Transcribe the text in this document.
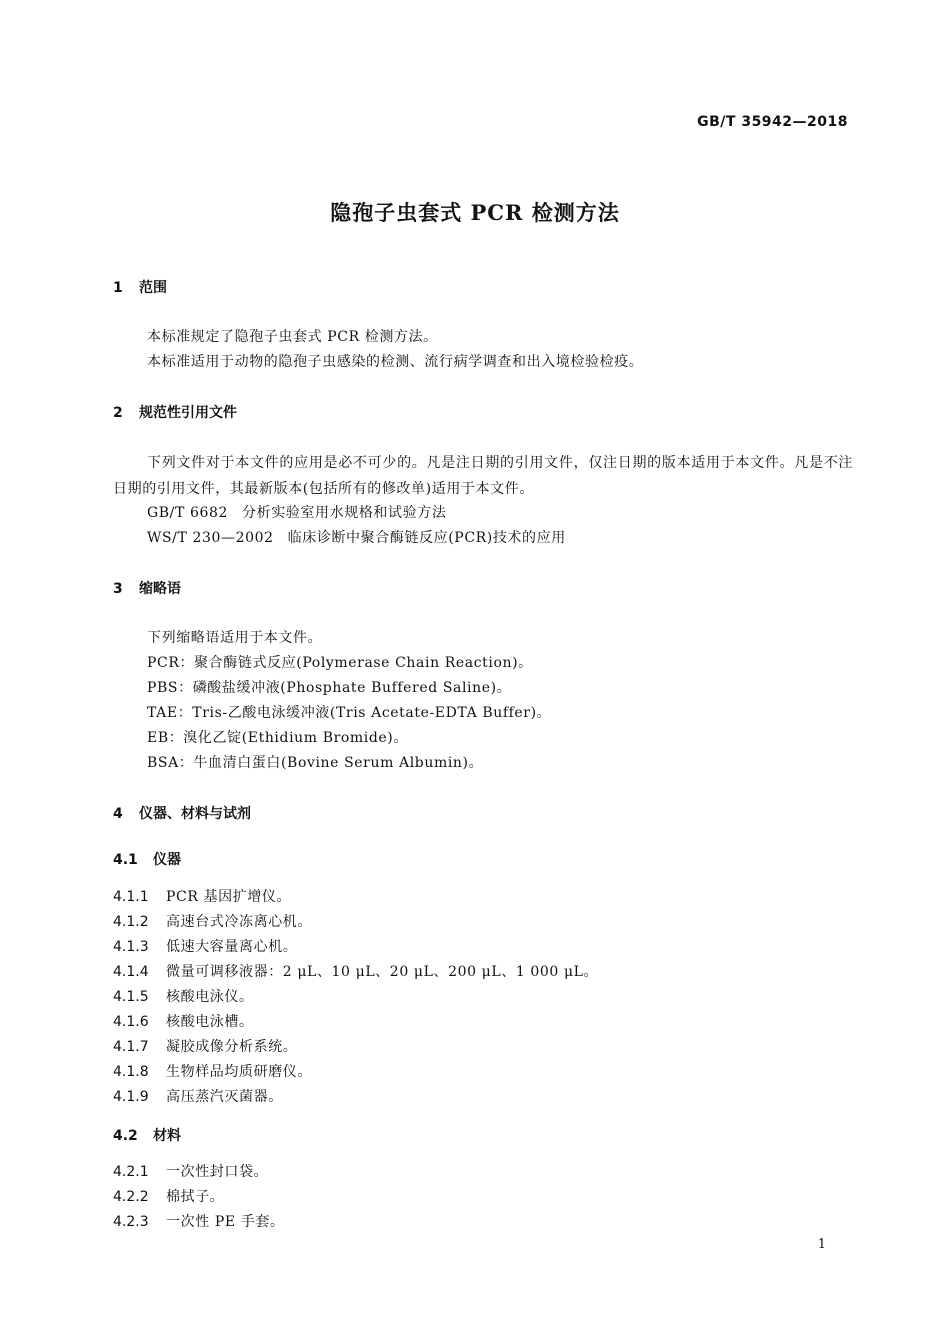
GB/T 35942—2018
隐孢子虫套式 PCR 检测方法
1 范围
本标准规定了隐孢子虫套式 PCR 检测方法。
本标准适用于动物的隐孢子虫感染的检测、流行病学调查和出入境检验检疫。
2 规范性引用文件
下列文件对于本文件的应用是必不可少的。凡是注日期的引用文件，仅注日期的版本适用于本文件。凡是不注日期的引用文件，其最新版本(包括所有的修改单)适用于本文件。
GB/T 6682 分析实验室用水规格和试验方法
WS/T 230—2002 临床诊断中聚合酶链反应(PCR)技术的应用
3 缩略语
下列缩略语适用于本文件。
PCR：聚合酶链式反应(Polymerase Chain Reaction)。
PBS：磷酸盐缓冲液(Phosphate Buffered Saline)。
TAE：Tris-乙酸电泳缓冲液(Tris Acetate-EDTA Buffer)。
EB：溴化乙锭(Ethidium Bromide)。
BSA：牛血清白蛋白(Bovine Serum Albumin)。
4 仪器、材料与试剂
4.1 仪器
4.1.1 PCR 基因扩增仪。
4.1.2 高速台式冷冻离心机。
4.1.3 低速大容量离心机。
4.1.4 微量可调移液器：2 μL、10 μL、20 μL、200 μL、1 000 μL。
4.1.5 核酸电泳仪。
4.1.6 核酸电泳槽。
4.1.7 凝胶成像分析系统。
4.1.8 生物样品均质研磨仪。
4.1.9 高压蒸汽灭菌器。
4.2 材料
4.2.1 一次性封口袋。
4.2.2 棉拭子。
4.2.3 一次性 PE 手套。
1
